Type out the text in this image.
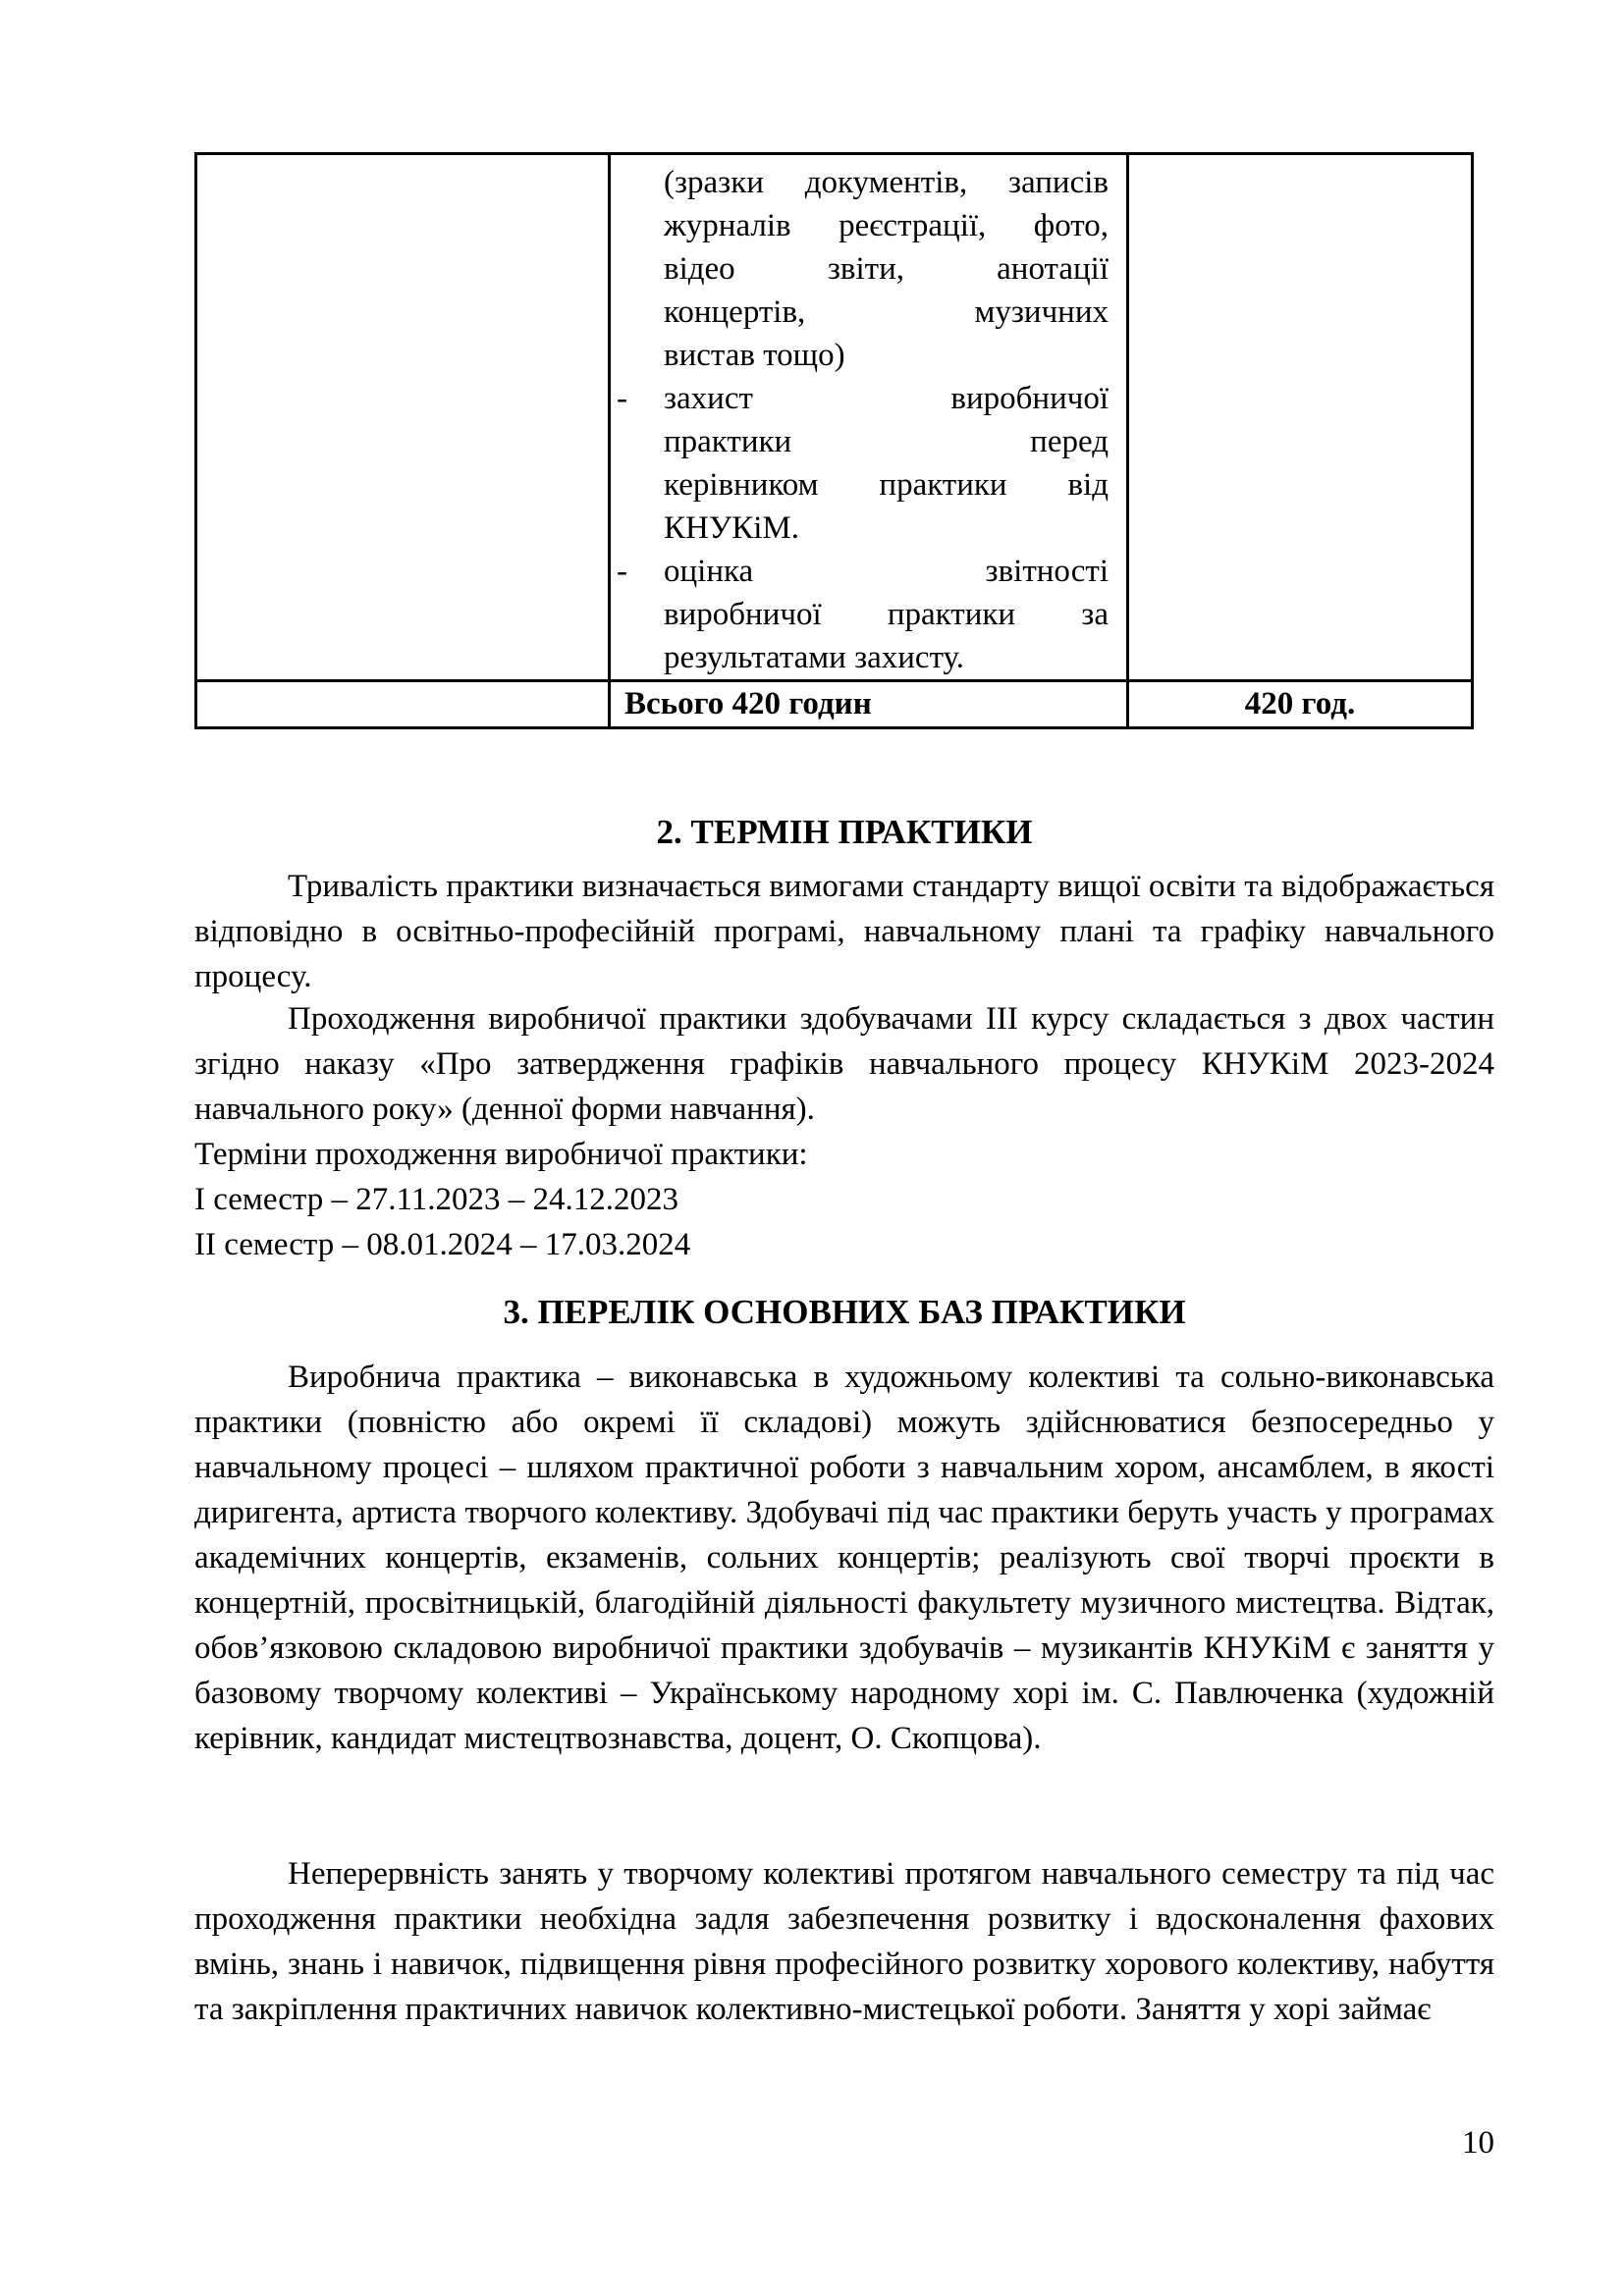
(зразки документів, записів
журналів реєстрації, фото,
відео звіти, анотації
концертів, музичних
вистав тощо)
- захист виробничої
практики перед
керівником практики від
КНУКіМ.
- оцінка звітності
виробничої практики за
результатами захисту.

	Всього 420 годин	420 год.
2. ТЕРМІН ПРАКТИКИ

Тривалість практики визначається вимогами стандарту вищої освіти та відображається відповідно в освітньо-професійній програмі, навчальному плані та графіку навчального процесу.

Проходження виробничої практики здобувачами ІІІ курсу складається з двох частин згідно наказу «Про затвердження графіків навчального процесу КНУКіМ 2023-2024 навчального року» (денної форми навчання).

Терміни проходження виробничої практики:
І семестр – 27.11.2023 – 24.12.2023
ІІ семестр – 08.01.2024 – 17.03.2024
3. ПЕРЕЛІК ОСНОВНИХ БАЗ ПРАКТИКИ

Виробнича практика – виконавська в художньому колективі та сольно-виконавська практики (повністю або окремі її складові) можуть здійснюватися безпосередньо у навчальному процесі – шляхом практичної роботи з навчальним хором, ансамблем, в якості диригента, артиста творчого колективу. Здобувачі під час практики беруть участь у програмах академічних концертів, екзаменів, сольних концертів; реалізують свої творчі проєкти в концертній, просвітницькій, благодійній діяльності факультету музичного мистецтва. Відтак, обов’язковою складовою виробничої практики здобувачів – музикантів КНУКіМ є заняття у базовому творчому колективі – Українському народному хорі ім. С. Павлюченка (художній керівник, кандидат мистецтвознавства, доцент, О. Скопцова).

Неперервність занять у творчому колективі протягом навчального семестру та під час проходження практики необхідна задля забезпечення розвитку і вдосконалення фахових вмінь, знань і навичок, підвищення рівня професійного розвитку хорового колективу, набуття та закріплення практичних навичок колективно-мистецької роботи. Заняття у хорі займає

10
